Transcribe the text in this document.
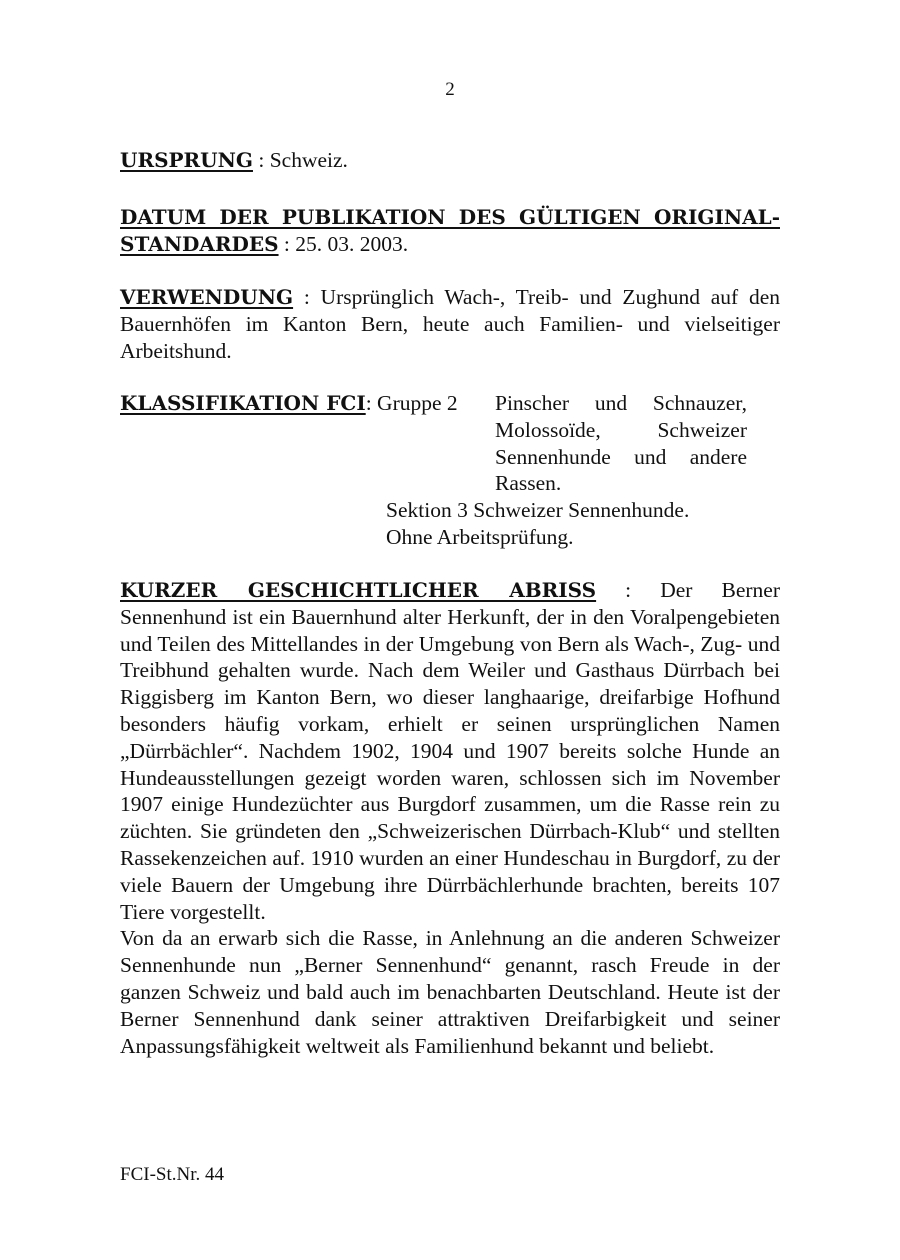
2
URSPRUNG : Schweiz.
DATUM DER PUBLIKATION DES GÜLTIGEN ORIGINAL-
STANDARDES : 25. 03. 2003.
VERWENDUNG : Ursprünglich Wach-, Treib- und Zughund auf den Bauernhöfen im Kanton Bern, heute auch Familien- und vielseitiger Arbeitshund.
KLASSIFIKATION FCI: Gruppe 2 Pinscher und Schnauzer, Molossoïde, Schweizer Sennenhunde und andere Rassen.
Sektion 3 Schweizer Sennenhunde.
Ohne Arbeitsprüfung.
KURZER GESCHICHTLICHER ABRISS : Der Berner

Sennenhund ist ein Bauernhund alter Herkunft, der in den Voralpengebieten und Teilen des Mittellandes in der Umgebung von Bern als Wach-, Zug- und Treibhund gehalten wurde. Nach dem Weiler und Gasthaus Dürrbach bei Riggisberg im Kanton Bern, wo dieser langhaarige, dreifarbige Hofhund besonders häufig vorkam, erhielt er seinen ursprünglichen Namen „Dürrbächler“. Nachdem 1902, 1904 und 1907 bereits solche Hunde an Hundeausstellungen gezeigt worden waren, schlossen sich im November 1907 einige Hundezüchter aus Burgdorf zusammen, um die Rasse rein zu züchten. Sie gründeten den „Schweizerischen Dürrbach-Klub“ und stellten Rassekenzeichen auf. 1910 wurden an einer Hundeschau in Burgdorf, zu der viele Bauern der Umgebung ihre Dürrbächlerhunde brachten, bereits 107 Tiere vorgestellt.

Von da an erwarb sich die Rasse, in Anlehnung an die anderen Schweizer Sennenhunde nun „Berner Sennenhund“ genannt, rasch Freude in der ganzen Schweiz und bald auch im benachbarten Deutschland. Heute ist der Berner Sennenhund dank seiner attraktiven Dreifarbigkeit und seiner Anpassungsfähigkeit weltweit als Familienhund bekannt und beliebt.

FCI-St.Nr. 44
